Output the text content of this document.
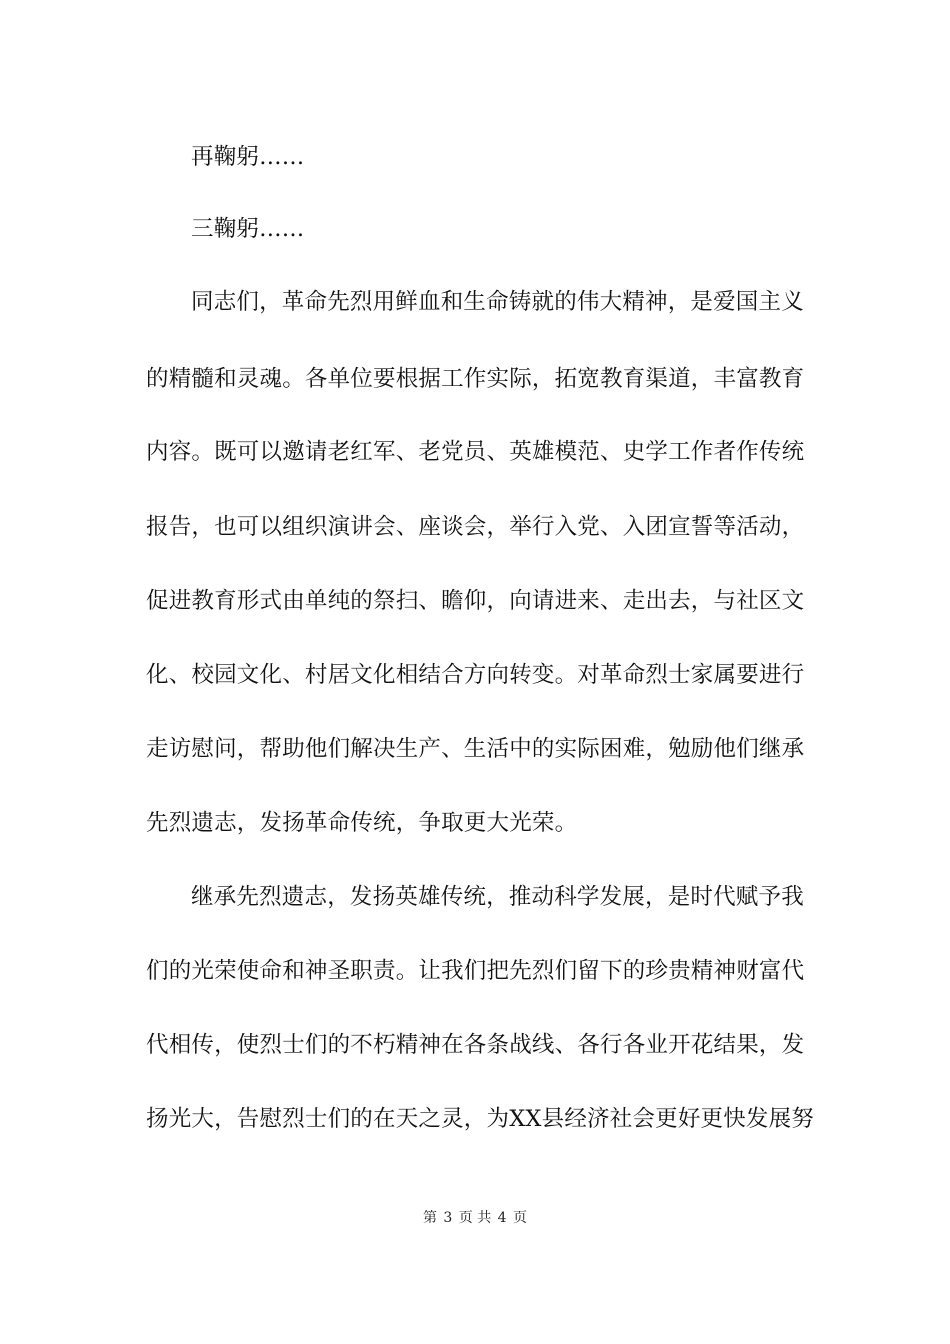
再鞠躬……
三鞠躬……
同志们，革命先烈用鲜血和生命铸就的伟大精神，是爱国主义
的精髓和灵魂。各单位要根据工作实际，拓宽教育渠道，丰富教育
内容。既可以邀请老红军、老党员、英雄模范、史学工作者作传统
报告，也可以组织演讲会、座谈会，举行入党、入团宣誓等活动，
促进教育形式由单纯的祭扫、瞻仰，向请进来、走出去，与社区文
化、校园文化、村居文化相结合方向转变。对革命烈士家属要进行
走访慰问，帮助他们解决生产、生活中的实际困难，勉励他们继承
先烈遗志，发扬革命传统，争取更大光荣。
继承先烈遗志，发扬英雄传统，推动科学发展，是时代赋予我
们的光荣使命和神圣职责。让我们把先烈们留下的珍贵精神财富代
代相传，使烈士们的不朽精神在各条战线、各行各业开花结果，发
扬光大，告慰烈士们的在天之灵，为XX县经济社会更好更快发展努
第 3 页 共 4 页
